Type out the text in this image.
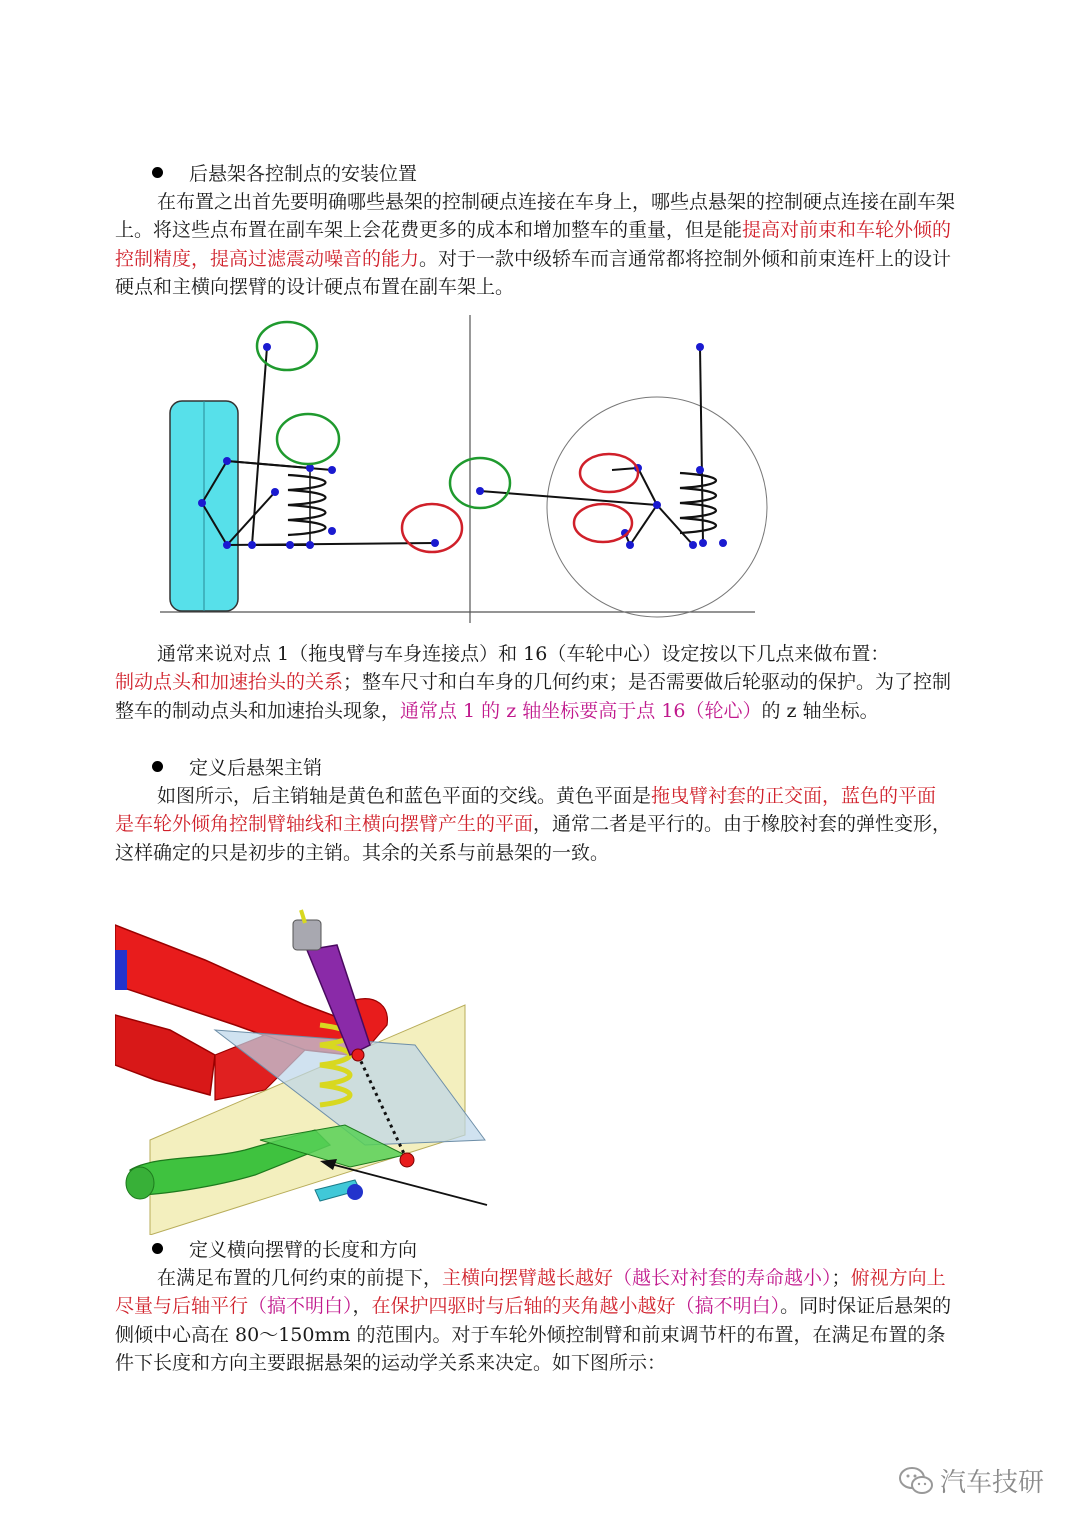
后悬架各控制点的安装位置

在布置之出首先要明确哪些悬架的控制硬点连接在车身上，哪些点悬架的控制硬点连接在副车架上。将这些点布置在副车架上会花费更多的成本和增加整车的重量，但是能提高对前束和车轮外倾的控制精度，提高过滤震动噪音的能力。对于一款中级轿车而言通常都将控制外倾和前束连杆上的设计硬点和主横向摆臂的设计硬点布置在副车架上。

通常来说对点 1（拖曳臂与车身连接点）和 16（车轮中心）设定按以下几点来做布置：

制动点头和加速抬头的关系；整车尺寸和白车身的几何约束；是否需要做后轮驱动的保护。为了控制整车的制动点头和加速抬头现象，通常点 1 的 z 轴坐标要高于点 16（轮心）的 z 轴坐标。
定义后悬架主销

如图所示，后主销轴是黄色和蓝色平面的交线。黄色平面是拖曳臂衬套的正交面，蓝色的平面是车轮外倾角控制臂轴线和主横向摆臂产生的平面，通常二者是平行的。由于橡胶衬套的弹性变形，这样确定的只是初步的主销。其余的关系与前悬架的一致。

定义横向摆臂的长度和方向

在满足布置的几何约束的前提下，主横向摆臂越长越好（越长对衬套的寿命越小）；俯视方向上尽量与后轴平行（搞不明白），在保护四驱时与后轴的夹角越小越好（搞不明白）。同时保证后悬架的侧倾中心高在 80～150mm 的范围内。对于车轮外倾控制臂和前束调节杆的布置，在满足布置的条件下长度和方向主要跟据悬架的运动学关系来决定。如下图所示：

汽车技研
